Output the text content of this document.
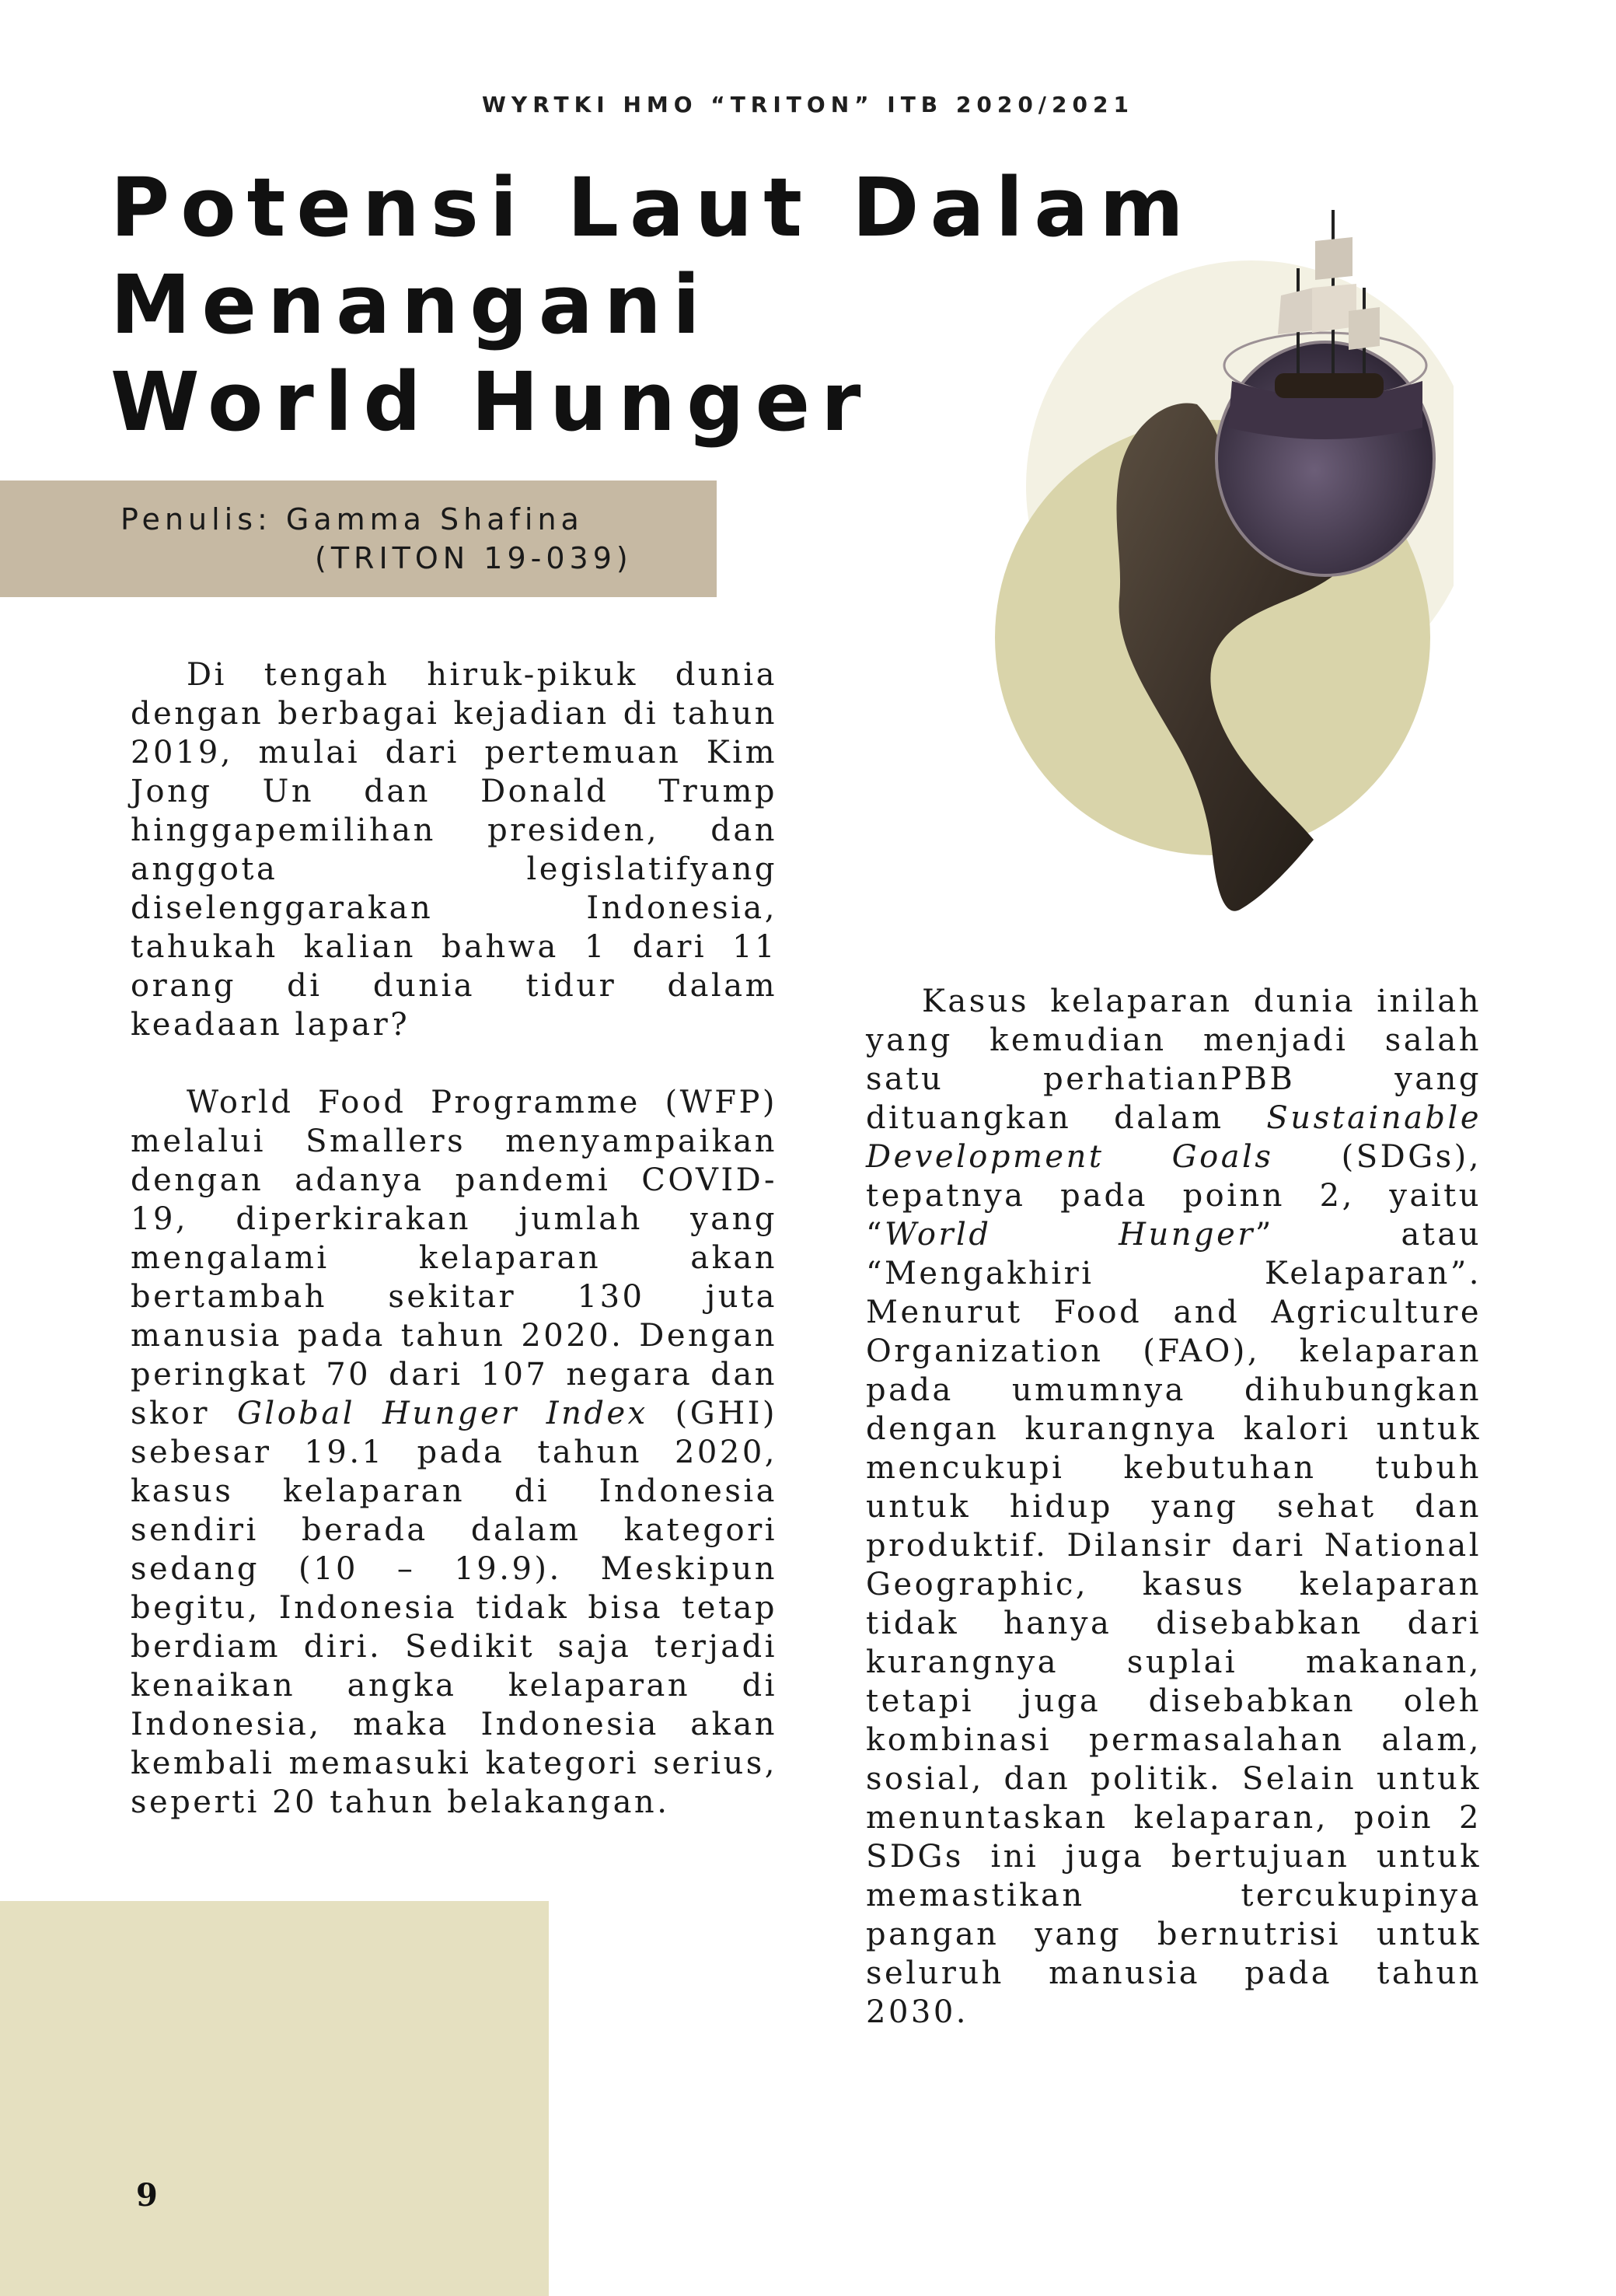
WYRTKI HMO “TRITON” ITB 2020/2021
Potensi Laut Dalam
Menangani
World Hunger
Penulis: Gamma Shafina
(TRITON 19-039)

Di tengah hiruk-pikuk dunia dengan berbagai kejadian di tahun 2019, mulai dari pertemuan Kim Jong Un dan Donald Trump hinggapemilihan presiden, dan anggota legislatifyang diselenggarakan Indonesia, tahukah kalian bahwa 1 dari 11 orang di dunia tidur dalam keadaan lapar?

World Food Programme (WFP) melalui Smallers menyampaikan dengan adanya pandemi COVID-19, diperkirakan jumlah yang mengalami kelaparan akan bertambah sekitar 130 juta manusia pada tahun 2020. Dengan peringkat 70 dari 107 negara dan skor Global Hunger Index (GHI) sebesar 19.1 pada tahun 2020, kasus kelaparan di Indonesia sendiri berada dalam kategori sedang (10 – 19.9). Meskipun begitu, Indonesia tidak bisa tetap berdiam diri. Sedikit saja terjadi kenaikan angka kelaparan di Indonesia, maka Indonesia akan kembali memasuki kategori serius, seperti 20 tahun belakangan.

Kasus kelaparan dunia inilah yang kemudian menjadi salah satu perhatianPBB yang dituangkan dalam Sustainable Development Goals (SDGs), tepatnya pada poinn 2, yaitu “World Hunger” atau “Mengakhiri Kelaparan”. Menurut Food and Agriculture Organization (FAO), kelaparan pada umumnya dihubungkan dengan kurangnya kalori untuk mencukupi kebutuhan tubuh untuk hidup yang sehat dan produktif. Dilansir dari National Geographic, kasus kelaparan tidak hanya disebabkan dari kurangnya suplai makanan, tetapi juga disebabkan oleh kombinasi permasalahan alam, sosial, dan politik. Selain untuk menuntaskan kelaparan, poin 2 SDGs ini juga bertujuan untuk memastikan tercukupinya pangan yang bernutrisi untuk seluruh manusia pada tahun 2030.

9
